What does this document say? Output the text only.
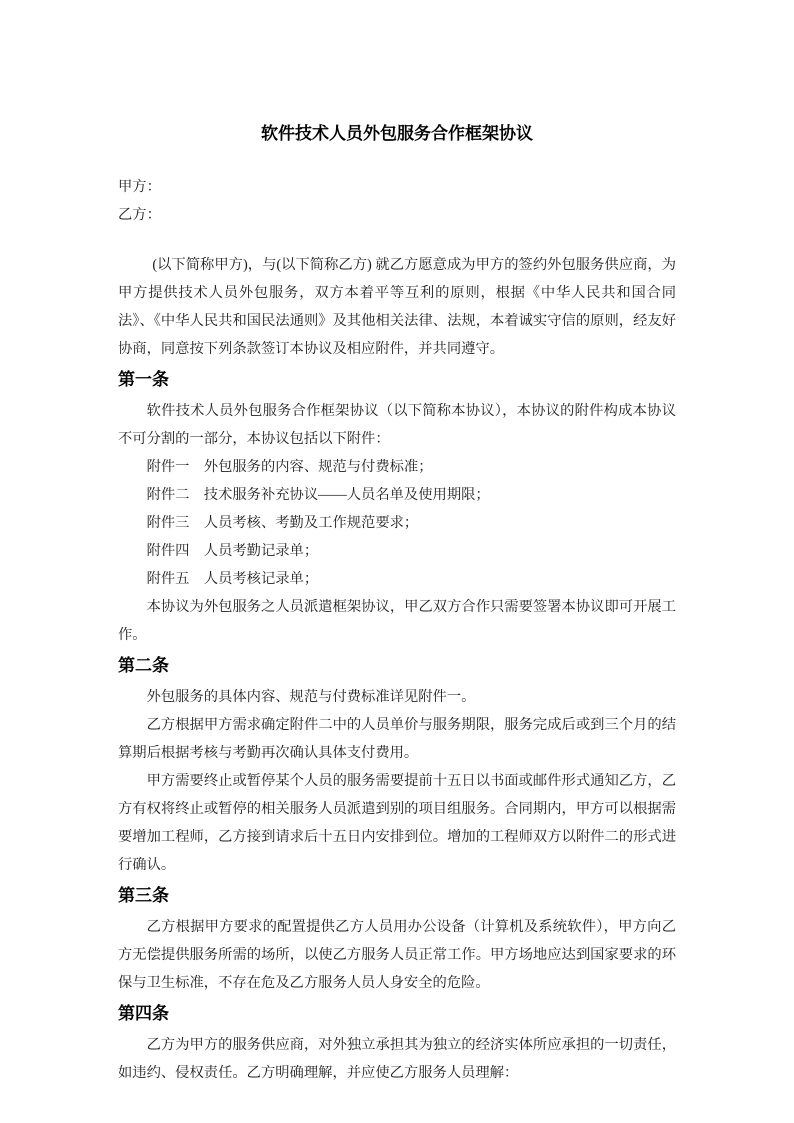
软件技术人员外包服务合作框架协议

甲方：

乙方：

(以下简称甲方)，与(以下简称乙方) 就乙方愿意成为甲方的签约外包服务供应商，为甲方提供技术人员外包服务，双方本着平等互利的原则，根据《中华人民共和国合同法》、《中华人民共和国民法通则》及其他相关法律、法规，本着诚实守信的原则，经友好协商，同意按下列条款签订本协议及相应附件，并共同遵守。

第一条

软件技术人员外包服务合作框架协议（以下简称本协议），本协议的附件构成本协议不可分割的一部分，本协议包括以下附件：

附件一 外包服务的内容、规范与付费标准；
附件二 技术服务补充协议——人员名单及使用期限；
附件三 人员考核、考勤及工作规范要求；
附件四 人员考勤记录单；
附件五 人员考核记录单；

本协议为外包服务之人员派遣框架协议，甲乙双方合作只需要签署本协议即可开展工作。

第二条

外包服务的具体内容、规范与付费标准详见附件一。

乙方根据甲方需求确定附件二中的人员单价与服务期限，服务完成后或到三个月的结算期后根据考核与考勤再次确认具体支付费用。

甲方需要终止或暂停某个人员的服务需要提前十五日以书面或邮件形式通知乙方，乙方有权将终止或暂停的相关服务人员派遣到别的项目组服务。合同期内，甲方可以根据需要增加工程师，乙方接到请求后十五日内安排到位。增加的工程师双方以附件二的形式进行确认。

第三条

乙方根据甲方要求的配置提供乙方人员用办公设备（计算机及系统软件），甲方向乙方无偿提供服务所需的场所，以使乙方服务人员正常工作。甲方场地应达到国家要求的环保与卫生标准，不存在危及乙方服务人员人身安全的危险。

第四条

乙方为甲方的服务供应商，对外独立承担其为独立的经济实体所应承担的一切责任，如违约、侵权责任。乙方明确理解，并应使乙方服务人员理解：
